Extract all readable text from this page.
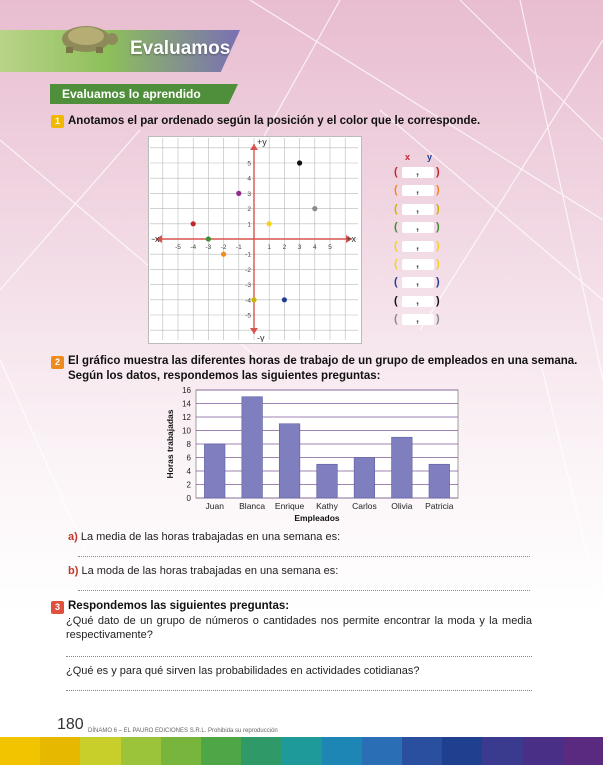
Evaluamos
Evaluamos lo aprendido
1 Anotamos el par ordenado según la posición y el color que le corresponde.
+y
-y
+x
-x
-5 -4 -3 -2 -1	1 2 3 4 5
-5
-4
-3
-2
-1
1
2
3
4
5
x y
( , )
( , )
( , )
( , )
( , )
( , )
( , )
( , )
( , )
2 El gráfico muestra las diferentes horas de trabajo de un grupo de empleados en una semana.
Según los datos, respondemos las siguientes preguntas:
0
2
4
6
8
10
12
14
16
Juan Blanca Enrique Kathy Carlos Olivia Patricia
Empleados
Horas trabajadas
a) La media de las horas trabajadas en una semana es:
b) La moda de las horas trabajadas en una semana es:
3 Respondemos las siguientes preguntas:
¿Qué dato de un grupo de números o cantidades nos permite encontrar la moda y la media respectivamente?
¿Qué es y para qué sirven las probabilidades en actividades cotidianas?
180 DÍNAMO 6 – EL PAURO EDICIONES S.R.L. Prohibida su reproducción
